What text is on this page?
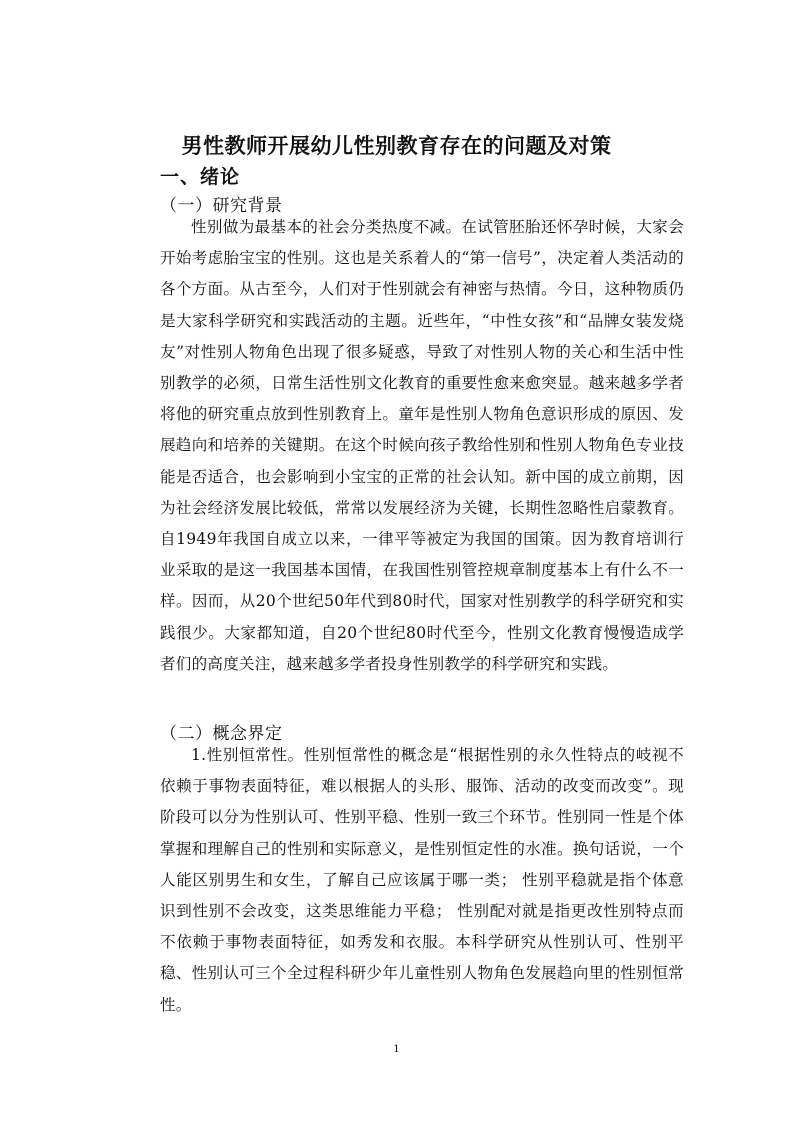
男性教师开展幼儿性别教育存在的问题及对策
一、绪论
（一）研究背景
性别做为最基本的社会分类热度不减。在试管胚胎还怀孕时候，大家会开始考虑胎宝宝的性别。这也是关系着人的“第一信号”，决定着人类活动的各个方面。从古至今，人们对于性别就会有神密与热情。今日，这种物质仍是大家科学研究和实践活动的主题。近些年，“中性女孩”和“品牌女装发烧友”对性别人物角色出现了很多疑惑，导致了对性别人物的关心和生活中性别教学的必须，日常生活性别文化教育的重要性愈来愈突显。越来越多学者将他的研究重点放到性别教育上。童年是性别人物角色意识形成的原因、发展趋向和培养的关键期。在这个时候向孩子教给性别和性别人物角色专业技能是否适合，也会影响到小宝宝的正常的社会认知。新中国的成立前期，因为社会经济发展比较低，常常以发展经济为关键，长期性忽略性启蒙教育。自1949年我国自成立以来，一律平等被定为我国的国策。因为教育培训行业采取的是这一我国基本国情，在我国性别管控规章制度基本上有什么不一样。因而，从20个世纪50年代到80时代，国家对性别教学的科学研究和实践很少。大家都知道，自20个世纪80时代至今，性别文化教育慢慢造成学者们的高度关注，越来越多学者投身性别教学的科学研究和实践。
（二）概念界定
1.性别恒常性。性别恒常性的概念是“根据性别的永久性特点的岐视不依赖于事物表面特征，难以根据人的头形、服饰、活动的改变而改变”。现阶段可以分为性别认可、性别平稳、性别一致三个环节。性别同一性是个体掌握和理解自己的性别和实际意义，是性别恒定性的水准。换句话说，一个人能区别男生和女生，了解自己应该属于哪一类； 性别平稳就是指个体意识到性别不会改变，这类思维能力平稳； 性别配对就是指更改性别特点而不依赖于事物表面特征，如秀发和衣服。本科学研究从性别认可、性别平稳、性别认可三个全过程科研少年儿童性别人物角色发展趋向里的性别恒常性。
1
